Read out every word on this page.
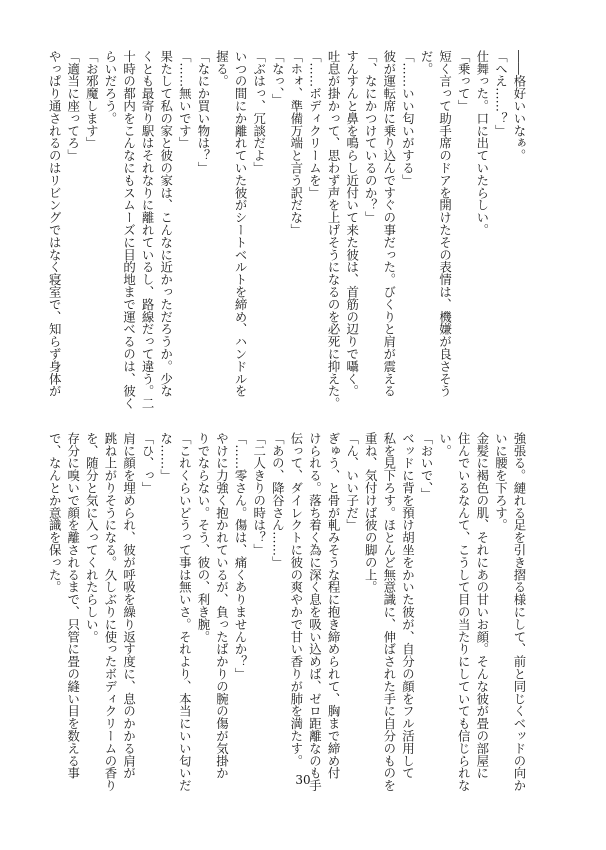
――格好いいなぁ。
「へえ……？」
仕舞った。口に出ていたらしい。
「乗って」
短く言って助手席のドアを開けたその表情は、機嫌が良さそう
だ。
「……いい匂いがする」
彼が運転席に乗り込んですぐの事だった。びくりと肩が震える
「、なにかつけているのか？」
すんすんと鼻を鳴らし近付いて来た彼は、首筋の辺りで囁く。
吐息が掛かって、思わず声を上げそうになるのを必死に抑えた。
「……ボディクリームを」
「ホォ、準備万端と言う訳だな」
「なっ、」
「ぶはっ、冗談だよ」
いつの間にか離れていた彼がシートベルトを締め、ハンドルを
握る。
「なにか買い物は？」
「……無いです」
果たして私の家と彼の家は、こんなに近かっただろうか。少な
くとも最寄り駅はそれなりに離れているし、路線だって違う。二
十時の都内をこんなにもスムーズに目的地まで運べるのは、彼く
らいだろう。
「お邪魔します」
「適当に座ってろ」
やっぱり通されるのはリビングではなく寝室で、知らず身体が
強張る。縺れる足を引き摺る様にして、前と同じくベッドの向か
いに腰を下ろす。
金髪に褐色の肌、それにあの甘いお顔。そんな彼が畳の部屋に
住んでいるなんて、こうして目の当たりにしていても信じられな
い。
「おいで、」
ベッドに背を預け胡坐をかいた彼が、自分の顔をフル活用して
私を見下ろす。ほとんど無意識に、伸ばされた手に自分のものを
重ね、気付けば彼の脚の上。
「ん、いい子だ」
ぎゅう、と骨が軋みそうな程に抱き締められて、胸まで締め付
けられる。落ち着く為に深く息を吸い込めば、ゼロ距離なのも手
伝って、ダイレクトに彼の爽やかで甘い香りが肺を満たす。
「あの、降谷さん……」
「二人きりの時は？」
「……零さん。傷は、痛くありませんか？」
やけに力強く抱かれているが、負ったばかりの腕の傷が気掛か
りでならない。そう、彼の、利き腕。
「これくらいどうって事は無いさ。それより、本当にいい匂いだ
な……」
「ひ、っ」
肩に顔を埋められ、彼が呼吸を繰り返す度に、息のかかる肩が
跳ね上がりそうになる。久しぶりに使ったボディクリームの香り
を、随分と気に入ってくれたらしい。
存分に嗅いで顔を離されるまで、只管に畳の縫い目を数える事
で、なんとか意識を保った。
30
